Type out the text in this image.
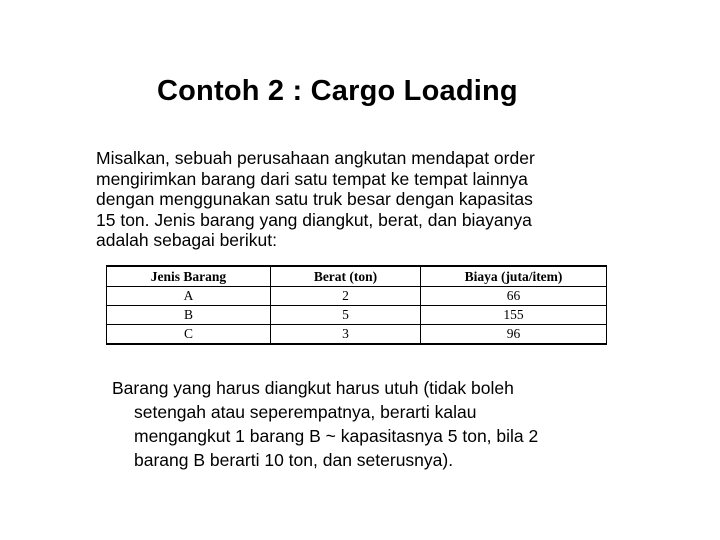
Contoh 2 : Cargo Loading

Misalkan, sebuah perusahaan angkutan mendapat order
mengirimkan barang dari satu tempat ke tempat lainnya
dengan menggunakan satu truk besar dengan kapasitas
15 ton. Jenis barang yang diangkut, berat, dan biayanya
adalah sebagai berikut:

Jenis Barang	Berat (ton)	Biaya (juta/item)
A	2	66
B	5	155
C	3	96

Barang yang harus diangkut harus utuh (tidak boleh
setengah atau seperempatnya, berarti kalau
mengangkut 1 barang B ~ kapasitasnya 5 ton, bila 2
barang B berarti 10 ton, dan seterusnya).
